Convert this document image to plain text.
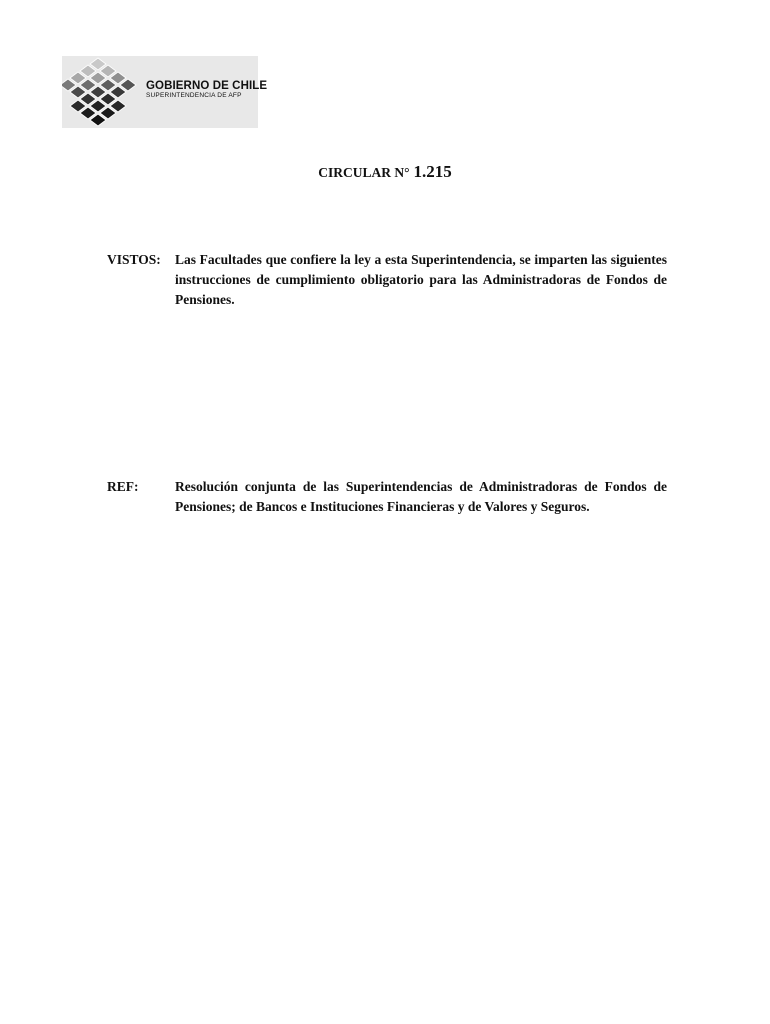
GOBIERNO DE CHILE
SUPERINTENDENCIA DE AFP
CIRCULAR N° 1.215
VISTOS: Las Facultades que confiere la ley a esta Superintendencia, se imparten las siguientes instrucciones de cumplimiento obligatorio para las Administradoras de Fondos de Pensiones.
REF:	Resolución conjunta de las Superintendencias de Administradoras de Fondos de Pensiones; de Bancos e Instituciones Financieras y de Valores y Seguros.
